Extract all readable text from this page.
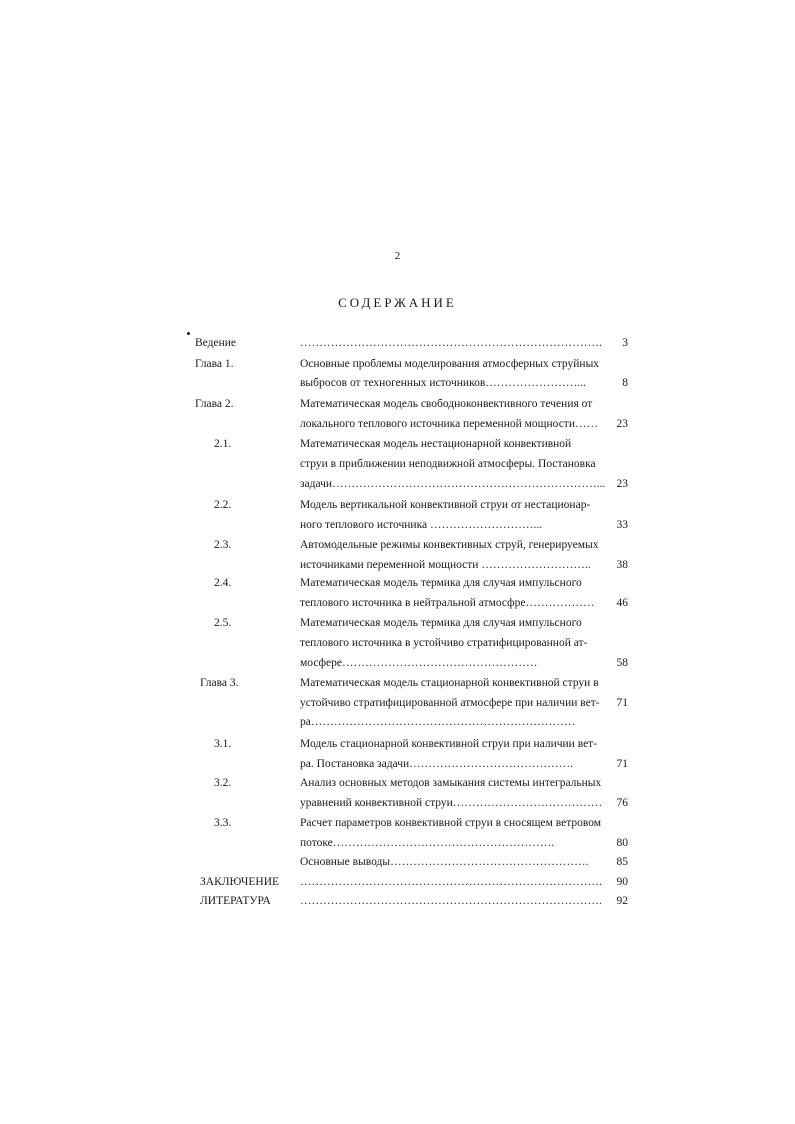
2
СОДЕРЖАНИЕ
Ведение	…………………………………………………………………….	3
Глава 1.	Основные проблемы моделирования атмосферных струйных
выбросов от техногенных источников……………………...	8
Глава 2.	Математическая модель свободноконвективного течения от
локального теплового источника переменной мощности……	23
2.1.	Математическая модель нестационарной конвективной
струи в приближении неподвижной атмосферы. Постановка
задачи……………………………………………………………... 23
2.2.	Модель вертикальной конвективной струи от нестационар-
ного теплового источника ………………………...	33
2.3.	Автомодельные режимы конвективных струй, генерируемых
источниками переменной мощности ………………………..	38
2.4.	Математическая модель термика для случая импульсного
теплового источника в нейтральной атмосфре………………	46
2.5.	Математическая модель термика для случая импульсного
теплового источника в устойчиво стратифицированной ат-
мосфере……………………………………………	58
Глава 3.	Математическая модель стационарной конвективной струи в
устойчиво стратифицированной атмосфере при наличии вет-	71
ра……………………………………………………………
3.1.	Модель стационарной конвективной струи при наличии вет-
ра. Постановка задачи…………………………………….	71
3.2.	Анализ основных методов замыкания системы интегральных
уравнений конвективной струи…………………………………	76
3.3.	Расчет параметров конвективной струи в сносящем ветровом
потоке………………………………………………….	80
Основные выводы…………………………………………….	85
ЗАКЛЮЧЕНИЕ …………………………………………………………………….	90
ЛИТЕРАТУРА	…………………………………………………………………….	92
